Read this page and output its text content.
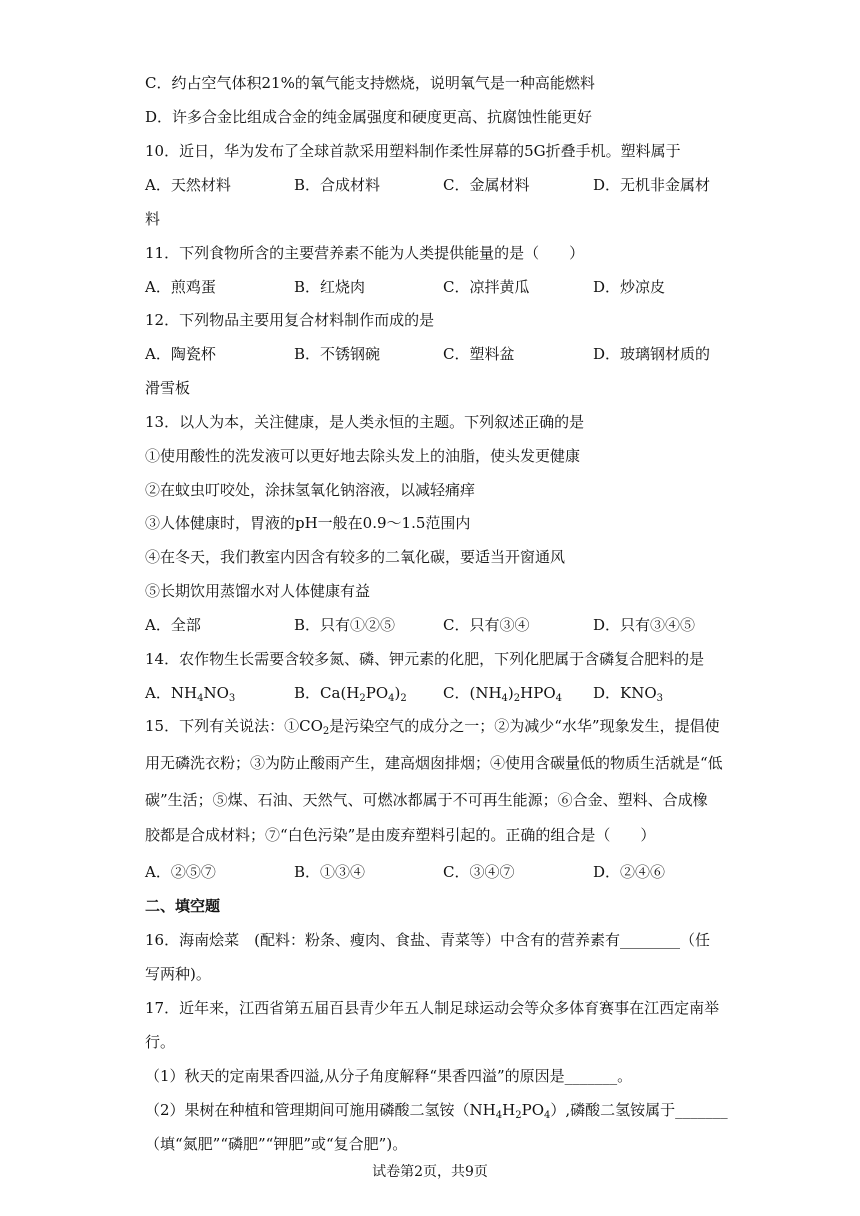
C．约占空气体积21%的氧气能支持燃烧，说明氧气是一种高能燃料
D．许多合金比组成合金的纯金属强度和硬度更高、抗腐蚀性能更好
10．近日，华为发布了全球首款采用塑料制作柔性屏幕的5G折叠手机。塑料属于
A．天然材料	B．合成材料	C．金属材料	D．无机非金属材
料
11．下列食物所含的主要营养素不能为人类提供能量的是（　　）
A．煎鸡蛋	B．红烧肉	C．凉拌黄瓜	D．炒凉皮
12．下列物品主要用复合材料制作而成的是
A．陶瓷杯	B．不锈钢碗	C．塑料盆	D．玻璃钢材质的
滑雪板
13．以人为本，关注健康，是人类永恒的主题。下列叙述正确的是
①使用酸性的洗发液可以更好地去除头发上的油脂，使头发更健康
②在蚊虫叮咬处，涂抹氢氧化钠溶液，以减轻痛痒
③人体健康时，胃液的pH一般在0.9～1.5范围内
④在冬天，我们教室内因含有较多的二氧化碳，要适当开窗通风
⑤长期饮用蒸馏水对人体健康有益
A．全部	B．只有①②⑤	C．只有③④	D．只有③④⑤
14．农作物生长需要含较多氮、磷、钾元素的化肥，下列化肥属于含磷复合肥料的是
A．$NH_4NO_3$	B．$Ca(H_2PO_4)_2$ C．$(NH_4)_2HPO_4$ D．$KNO_3$
15．下列有关说法：$①CO_2$是污染空气的成分之一；②为减少“水华”现象发生，提倡使
用无磷洗衣粉；③为防止酸雨产生，建高烟囱排烟；④使用含碳量低的物质生活就是“低
碳”生活；⑤煤、石油、天然气、可燃冰都属于不可再生能源；⑥合金、塑料、合成橡
胶都是合成材料；⑦“白色污染”是由废弃塑料引起的。正确的组合是（　　）
A．②⑤⑦	B．①③④	C．③④⑦	D．②④⑥
二、填空题
16．海南烩菜　(配料：粉条、瘦肉、食盐、青菜等）中含有的营养素有________（任
写两种)。
17．近年来，江西省第五届百县青少年五人制足球运动会等众多体育赛事在江西定南举
行。
（1）秋天的定南果香四溢,从分子角度解释“果香四溢”的原因是_______。
（2）果树在种植和管理期间可施用磷酸二氢铵$(NH_4H_2PO_4)$,磷酸二氢铵属于_______
（填“氮肥”“磷肥”“钾肥”或“复合肥”)。
试卷第2页，共9页
